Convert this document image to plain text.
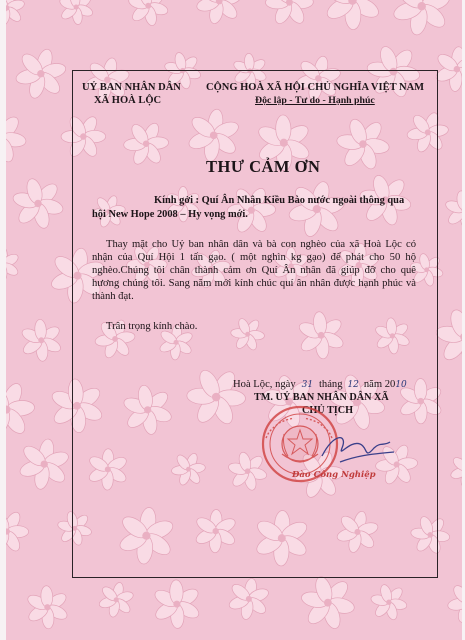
UỶ BAN NHÂN DÂN
XÃ HOÀ LỘC
CỘNG HOÀ XÃ HỘI CHỦ NGHĨA VIỆT NAM
Độc lập - Tư do - Hạnh phúc
THƯ CẢM ƠN
Kính gởi : Quí Ân Nhân Kiều Bào nước ngoài thông qua
hội New Hope 2008 – Hy vọng mới.
Thay mặt cho Uỷ ban nhân dân và bà con nghèo của xã Hoà Lộc có
nhận của Quí Hội 1 tấn gạo. ( một nghìn kg gạo) để phát cho 50 hộ
nghèo.Chúng tôi chân thành cảm ơn Quí Ân nhân đã giúp đỡ cho quê
hương chúng tôi. Sang năm mới kính chúc quí ân nhân được hạnh phúc và
thành đạt.
Trân trọng kính chào.
Hoà Lộc, ngày 31 tháng 12 năm 2010
TM. UỶ BAN NHÂN DÂN XÃ
CHỦ TỊCH
Đào Công Nghiệp
